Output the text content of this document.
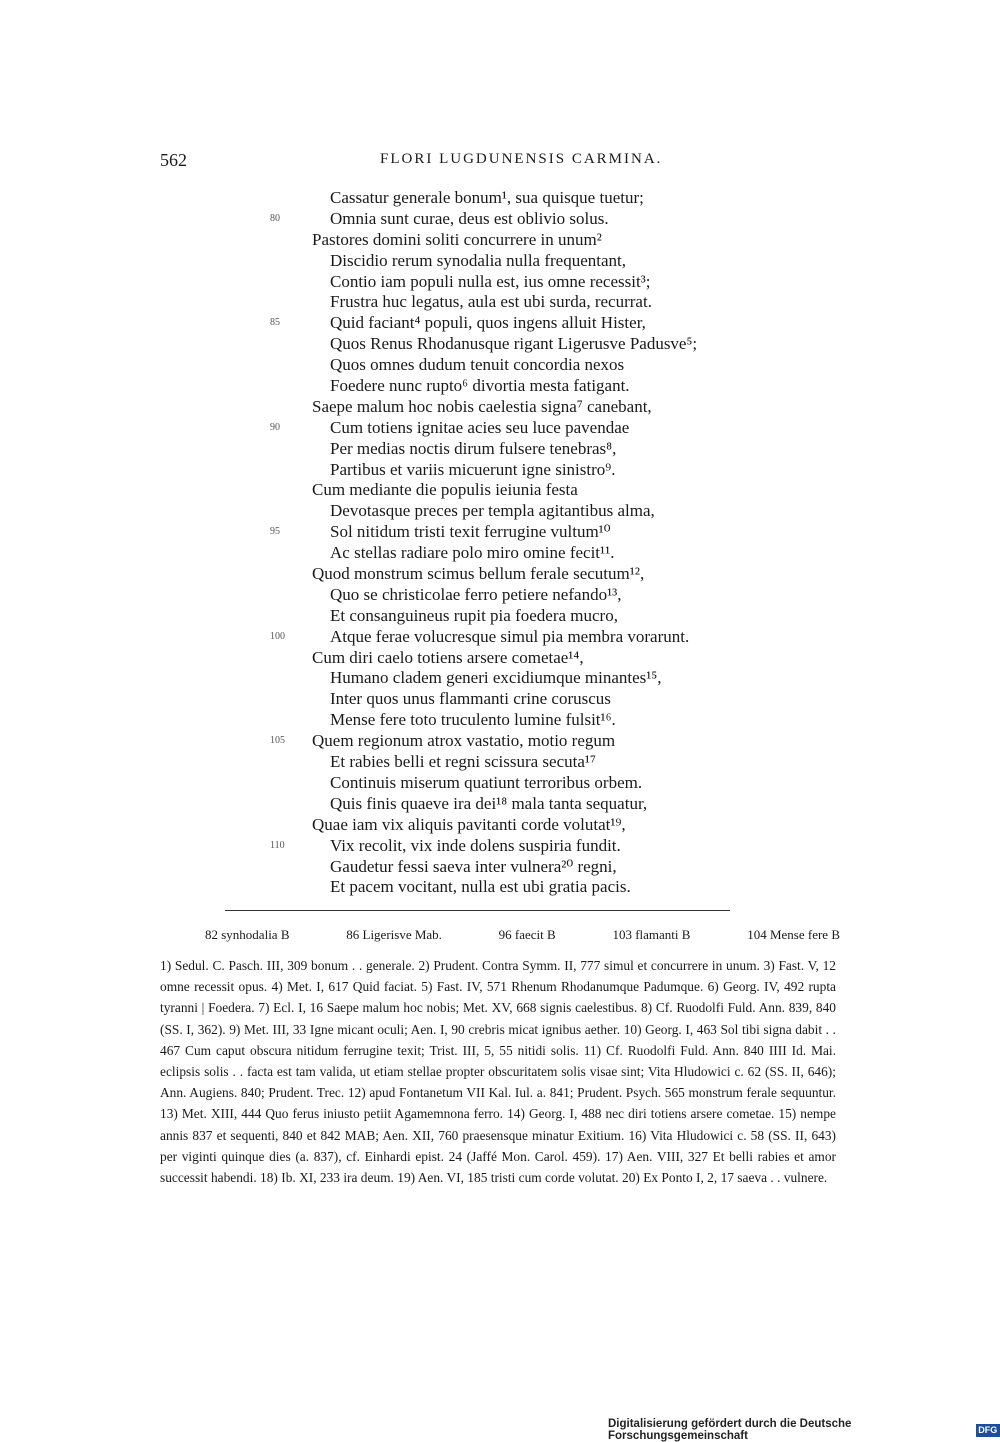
562	FLORI LUGDUNENSIS CARMINA.
Cassatur generale bonum¹, sua quisque tuetur;
80	Omnia sunt curae, deus est oblivio solus.
Pastores domini soliti concurrere in unum²
Discidio rerum synodalia nulla frequentant,
Contio iam populi nulla est, ius omne recessit³;
Frustra huc legatus, aula est ubi surda, recurrat.
85	Quid faciant⁴ populi, quos ingens alluit Hister,
Quos Renus Rhodanusque rigant Ligerusve Padusve⁵;
Quos omnes dudum tenuit concordia nexos
Foedere nunc rupto⁶ divortia mesta fatigant.
Saepe malum hoc nobis caelestia signa⁷ canebant,
90	Cum totiens ignitae acies seu luce pavendae
Per medias noctis dirum fulsere tenebras⁸,
Partibus et variis micuerunt igne sinistro⁹.
Cum mediante die populis ieiunia festa
Devotasque preces per templa agitantibus alma,
95	Sol nitidum tristi texit ferrugine vultum¹⁰
Ac stellas radiare polo miro omine fecit¹¹.
Quod monstrum scimus bellum ferale secutum¹²,
Quo se christicolae ferro petiere nefando¹³,
Et consanguineus rupit pia foedera mucro,
100	Atque ferae volucresque simul pia membra vorarunt.
Cum diri caelo totiens arsere cometae¹⁴,
Humano cladem generi excidiumque minantes¹⁵,
Inter quos unus flammanti crine coruscus
Mense fere toto truculento lumine fulsit¹⁶.
105	Quem regionum atrox vastatio, motio regum
Et rabies belli et regni scissura secuta¹⁷
Continuis miserum quatiunt terroribus orbem.
Quis finis quaeve ira dei¹⁸ mala tanta sequatur,
Quae iam vix aliquis pavitanti corde volutat¹⁹,
110	Vix recolit, vix inde dolens suspiria fundit.
Gaudetur fessi saeva inter vulnera²⁰ regni,
Et pacem vocitant, nulla est ubi gratia pacis.
82 synhodalia B	86 Ligerisve Mab.	96 faecit B	103 flamanti B	104 Mense fere B

1) Sedul. C. Pasch. III, 309 bonum . . generale. 2) Prudent. Contra Symm. II, 777 simul et concurrere in unum. 3) Fast. V, 12 omne recessit opus. 4) Met. I, 617 Quid faciat. 5) Fast. IV, 571 Rhenum Rhodanumque Padumque. 6) Georg. IV, 492 rupta tyranni | Foedera. 7) Ecl. I, 16 Saepe malum hoc nobis; Met. XV, 668 signis caelestibus. 8) Cf. Ruodolfi Fuld. Ann. 839, 840 (SS. I, 362). 9) Met. III, 33 Igne micant oculi; Aen. I, 90 crebris micat ignibus aether. 10) Georg. I, 463 Sol tibi signa dabit . . 467 Cum caput obscura nitidum ferrugine texit; Trist. III, 5, 55 nitidi solis. 11) Cf. Ruodolfi Fuld. Ann. 840 IIII Id. Mai. eclipsis solis . . facta est tam valida, ut etiam stellae propter obscuritatem solis visae sint; Vita Hludowici c. 62 (SS. II, 646); Ann. Augiens. 840; Prudent. Trec. 12) apud Fontanetum VII Kal. Iul. a. 841; Prudent. Psych. 565 monstrum ferale sequuntur. 13) Met. XIII, 444 Quo ferus iniusto petiit Agamemnona ferro. 14) Georg. I, 488 nec diri totiens arsere cometae. 15) nempe annis 837 et sequenti, 840 et 842 MAB; Aen. XII, 760 praesensque minatur Exitium. 16) Vita Hludowici c. 58 (SS. II, 643) per viginti quinque dies (a. 837), cf. Einhardi epist. 24 (Jaffé Mon. Carol. 459). 17) Aen. VIII, 327 Et belli rabies et amor successit habendi. 18) Ib. XI, 233 ira deum. 19) Aen. VI, 185 tristi cum corde volutat. 20) Ex Ponto I, 2, 17 saeva . . vulnere.

Digitalisierung gefördert durch die Deutsche Forschungsgemeinschaft
DFG
